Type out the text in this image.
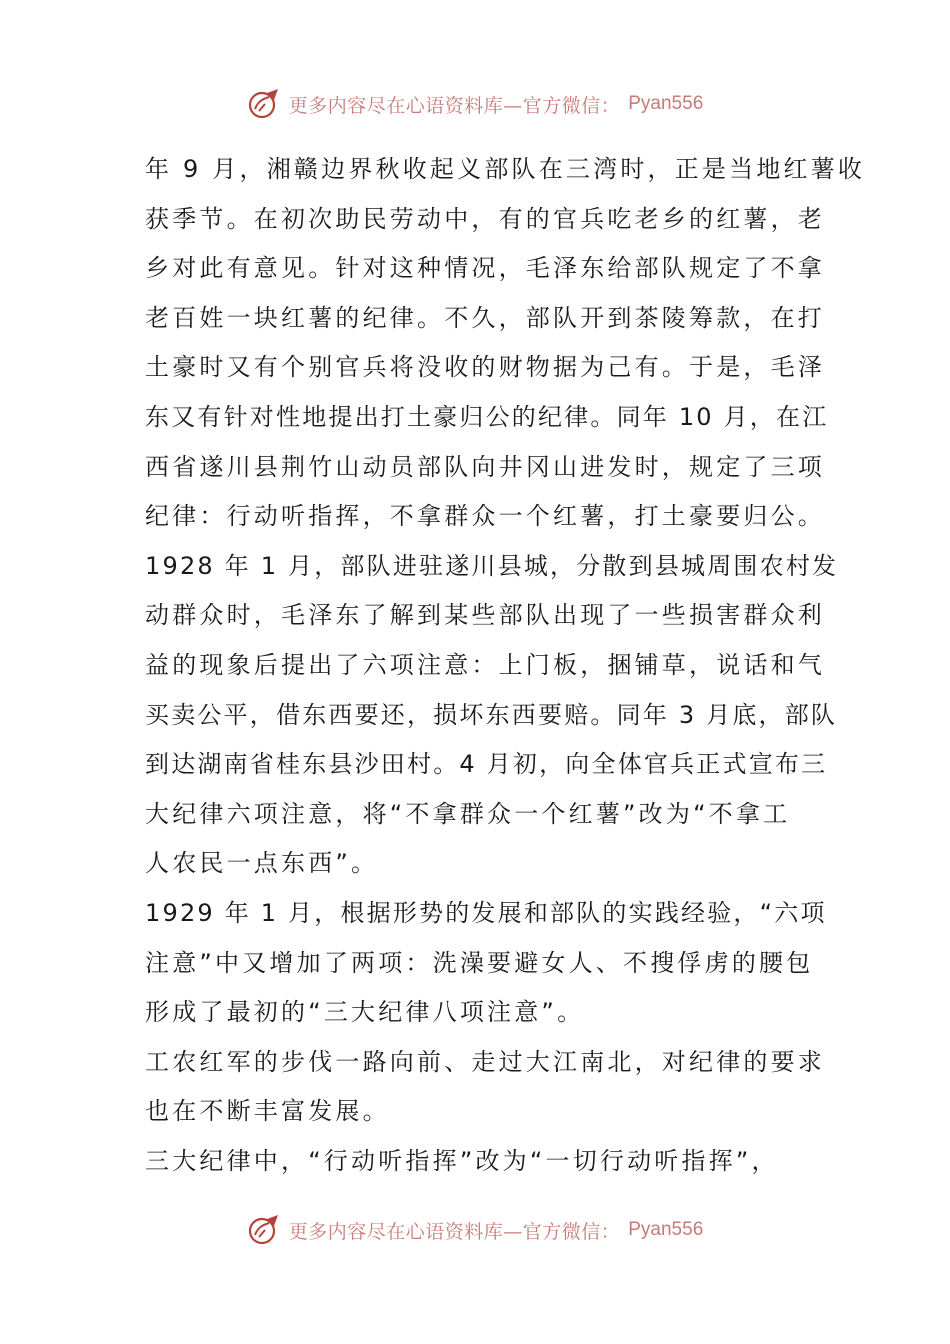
更多内容尽在心语资料库—官方微信： Pyan556
年 9 月，湘赣边界秋收起义部队在三湾时，正是当地红薯收
获季节。在初次助民劳动中，有的官兵吃老乡的红薯，老
乡对此有意见。针对这种情况，毛泽东给部队规定了不拿
老百姓一块红薯的纪律。不久，部队开到茶陵筹款，在打
土豪时又有个别官兵将没收的财物据为己有。于是，毛泽
东又有针对性地提出打土豪归公的纪律。同年 10 月，在江
西省遂川县荆竹山动员部队向井冈山进发时，规定了三项
纪律：行动听指挥，不拿群众一个红薯，打土豪要归公。
1928 年 1 月，部队进驻遂川县城，分散到县城周围农村发
动群众时，毛泽东了解到某些部队出现了一些损害群众利
益的现象后提出了六项注意：上门板，捆铺草，说话和气
买卖公平，借东西要还，损坏东西要赔。同年 3 月底，部队
到达湖南省桂东县沙田村。4 月初，向全体官兵正式宣布三
大纪律六项注意，将“不拿群众一个红薯”改为“不拿工
人农民一点东西”。
1929 年 1 月，根据形势的发展和部队的实践经验，“六项
注意”中又增加了两项：洗澡要避女人、不搜俘虏的腰包
形成了最初的“三大纪律八项注意”。
工农红军的步伐一路向前、走过大江南北，对纪律的要求
也在不断丰富发展。
三大纪律中，“行动听指挥”改为“一切行动听指挥”，
更多内容尽在心语资料库—官方微信： Pyan556
